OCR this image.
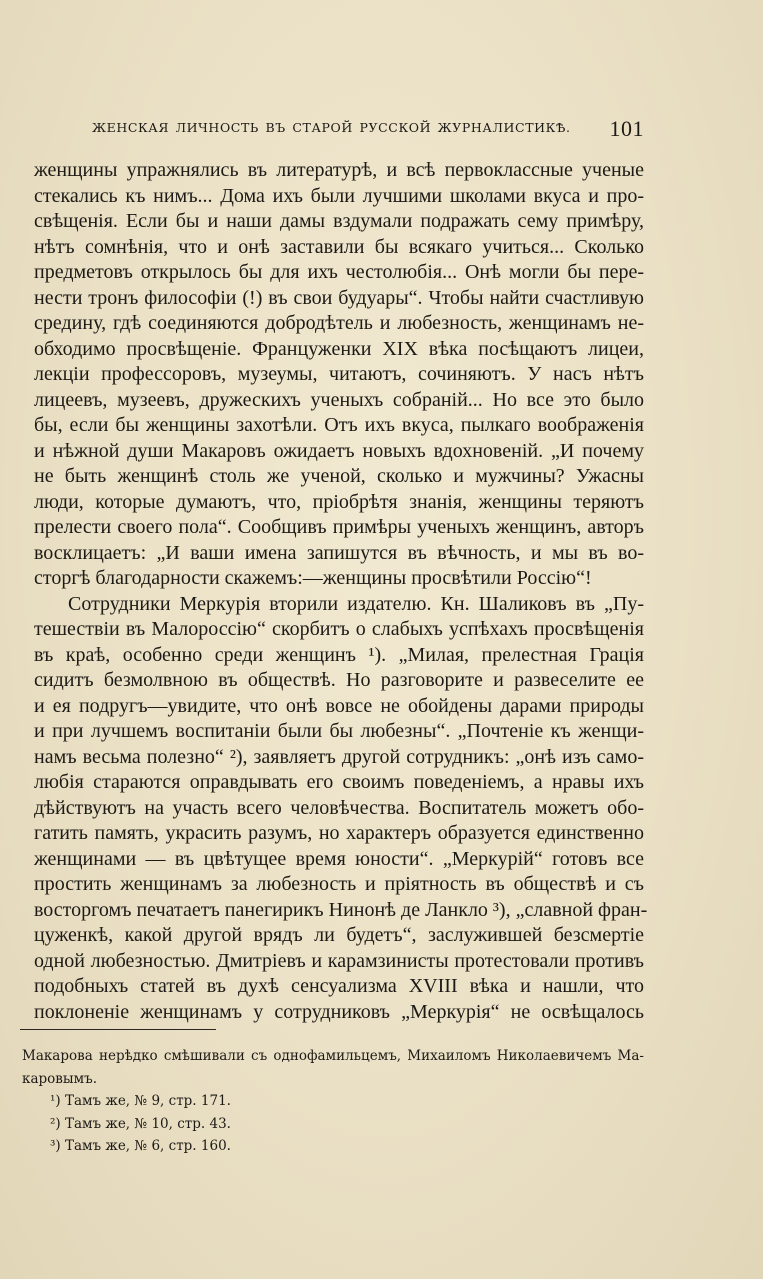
ЖЕНСКАЯ ЛИЧНОСТЬ ВЪ СТАРОЙ РУССКОЙ ЖУРНАЛИСТИКѢ. 101
женщины упражнялись въ литературѣ, и всѣ первоклассные ученые
стекались къ нимъ... Дома ихъ были лучшими школами вкуса и про-
свѣщенія. Если бы и наши дамы вздумали подражать сему примѣру,
нѣтъ сомнѣнія, что и онѣ заставили бы всякаго учиться... Сколько
предметовъ открылось бы для ихъ честолюбія... Онѣ могли бы пере-
нести тронъ философіи (!) въ свои будуары“. Чтобы найти счастливую
средину, гдѣ соединяются добродѣтель и любезность, женщинамъ не-
обходимо просвѣщеніе. Француженки XIX вѣка посѣщаютъ лицеи,
лекціи профессоровъ, музеумы, читаютъ, сочиняютъ. У насъ нѣтъ
лицеевъ, музеевъ, дружескихъ ученыхъ собраній... Но все это было
бы, если бы женщины захотѣли. Отъ ихъ вкуса, пылкаго воображенія
и нѣжной души Макаровъ ожидаетъ новыхъ вдохновеній. „И почему
не быть женщинѣ столь же ученой, сколько и мужчины? Ужасны
люди, которые думаютъ, что, пріобрѣтя знанія, женщины теряютъ
прелести своего пола“. Сообщивъ примѣры ученыхъ женщинъ, авторъ
восклицаетъ: „И ваши имена запишутся въ вѣчность, и мы въ во-
сторгѣ благодарности скажемъ:—женщины просвѣтили Россію“!
Сотрудники Меркурія вторили издателю. Кн. Шаликовъ въ „Пу-
тешествіи въ Малороссію“ скорбитъ о слабыхъ успѣхахъ просвѣщенія
въ краѣ, особенно среди женщинъ ¹). „Милая, прелестная Грація
сидитъ безмолвною въ обществѣ. Но разговорите и развеселите ее
и ея подругъ—увидите, что онѣ вовсе не обойдены дарами природы
и при лучшемъ воспитаніи были бы любезны“. „Почтеніе къ женщи-
намъ весьма полезно“ ²), заявляетъ другой сотрудникъ: „онѣ изъ само-
любія стараются оправдывать его своимъ поведеніемъ, а нравы ихъ
дѣйствуютъ на участь всего человѣчества. Воспитатель можетъ обо-
гатить память, украсить разумъ, но характеръ образуется единственно
женщинами — въ цвѣтущее время юности“. „Меркурій“ готовъ все
простить женщинамъ за любезность и пріятность въ обществѣ и съ
восторгомъ печатаетъ панегирикъ Нинонѣ де Ланкло ³), „славной фран-
цуженкѣ, какой другой врядъ ли будетъ“, заслужившей безсмертіе
одной любезностью. Дмитріевъ и карамзинисты протестовали противъ
подобныхъ статей въ духѣ сенсуализма XVIII вѣка и нашли, что
поклоненіе женщинамъ у сотрудниковъ „Меркурія“ не освѣщалось
Макарова нерѣдко смѣшивали съ однофамильцемъ, Михаиломъ Николаевичемъ Ма-
каровымъ.
¹) Тамъ же, № 9, стр. 171.
²) Тамъ же, № 10, стр. 43.
³) Тамъ же, № 6, стр. 160.
